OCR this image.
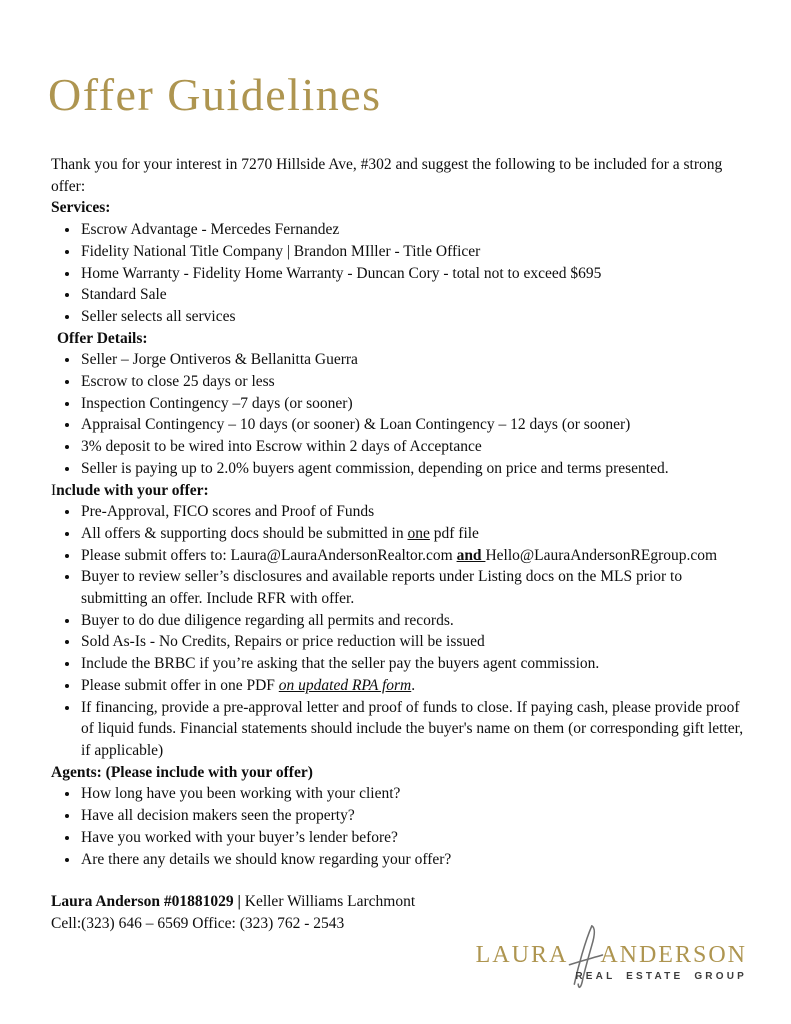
Offer Guidelines

Thank you for your interest in 7270 Hillside Ave, #302 and suggest the following to be included for a strong offer:

Services:
• Escrow Advantage - Mercedes Fernandez
• Fidelity National Title Company | Brandon MIller - Title Officer
• Home Warranty - Fidelity Home Warranty - Duncan Cory - total not to exceed $695
• Standard Sale
• Seller selects all services
Offer Details:
• Seller – Jorge Ontiveros & Bellanitta Guerra
• Escrow to close 25 days or less
• Inspection Contingency –7 days (or sooner)
• Appraisal Contingency – 10 days (or sooner) & Loan Contingency – 12 days (or sooner)
• 3% deposit to be wired into Escrow within 2 days of Acceptance
• Seller is paying up to 2.0% buyers agent commission, depending on price and terms presented.
Include with your offer:
• Pre-Approval, FICO scores and Proof of Funds
• All offers & supporting docs should be submitted in one pdf file
• Please submit offers to: Laura@LauraAndersonRealtor.com and Hello@LauraAndersonREgroup.com
• Buyer to review seller’s disclosures and available reports under Listing docs on the MLS prior to submitting an offer. Include RFR with offer.
• Buyer to do due diligence regarding all permits and records.
• Sold As-Is - No Credits, Repairs or price reduction will be issued
• Include the BRBC if you’re asking that the seller pay the buyers agent commission.
• Please submit offer in one PDF on updated RPA form.
• If financing, provide a pre-approval letter and proof of funds to close. If paying cash, please provide proof of liquid funds. Financial statements should include the buyer's name on them (or corresponding gift letter, if applicable)
Agents: (Please include with your offer)
• How long have you been working with your client?
• Have all decision makers seen the property?
• Have you worked with your buyer’s lender before?
• Are there any details we should know regarding your offer?

Laura Anderson #01881029 | Keller Williams Larchmont

Cell:(323) 646 – 6569 Office: (323) 762 - 2543

LAURA ANDERSON
REAL ESTATE GROUP
